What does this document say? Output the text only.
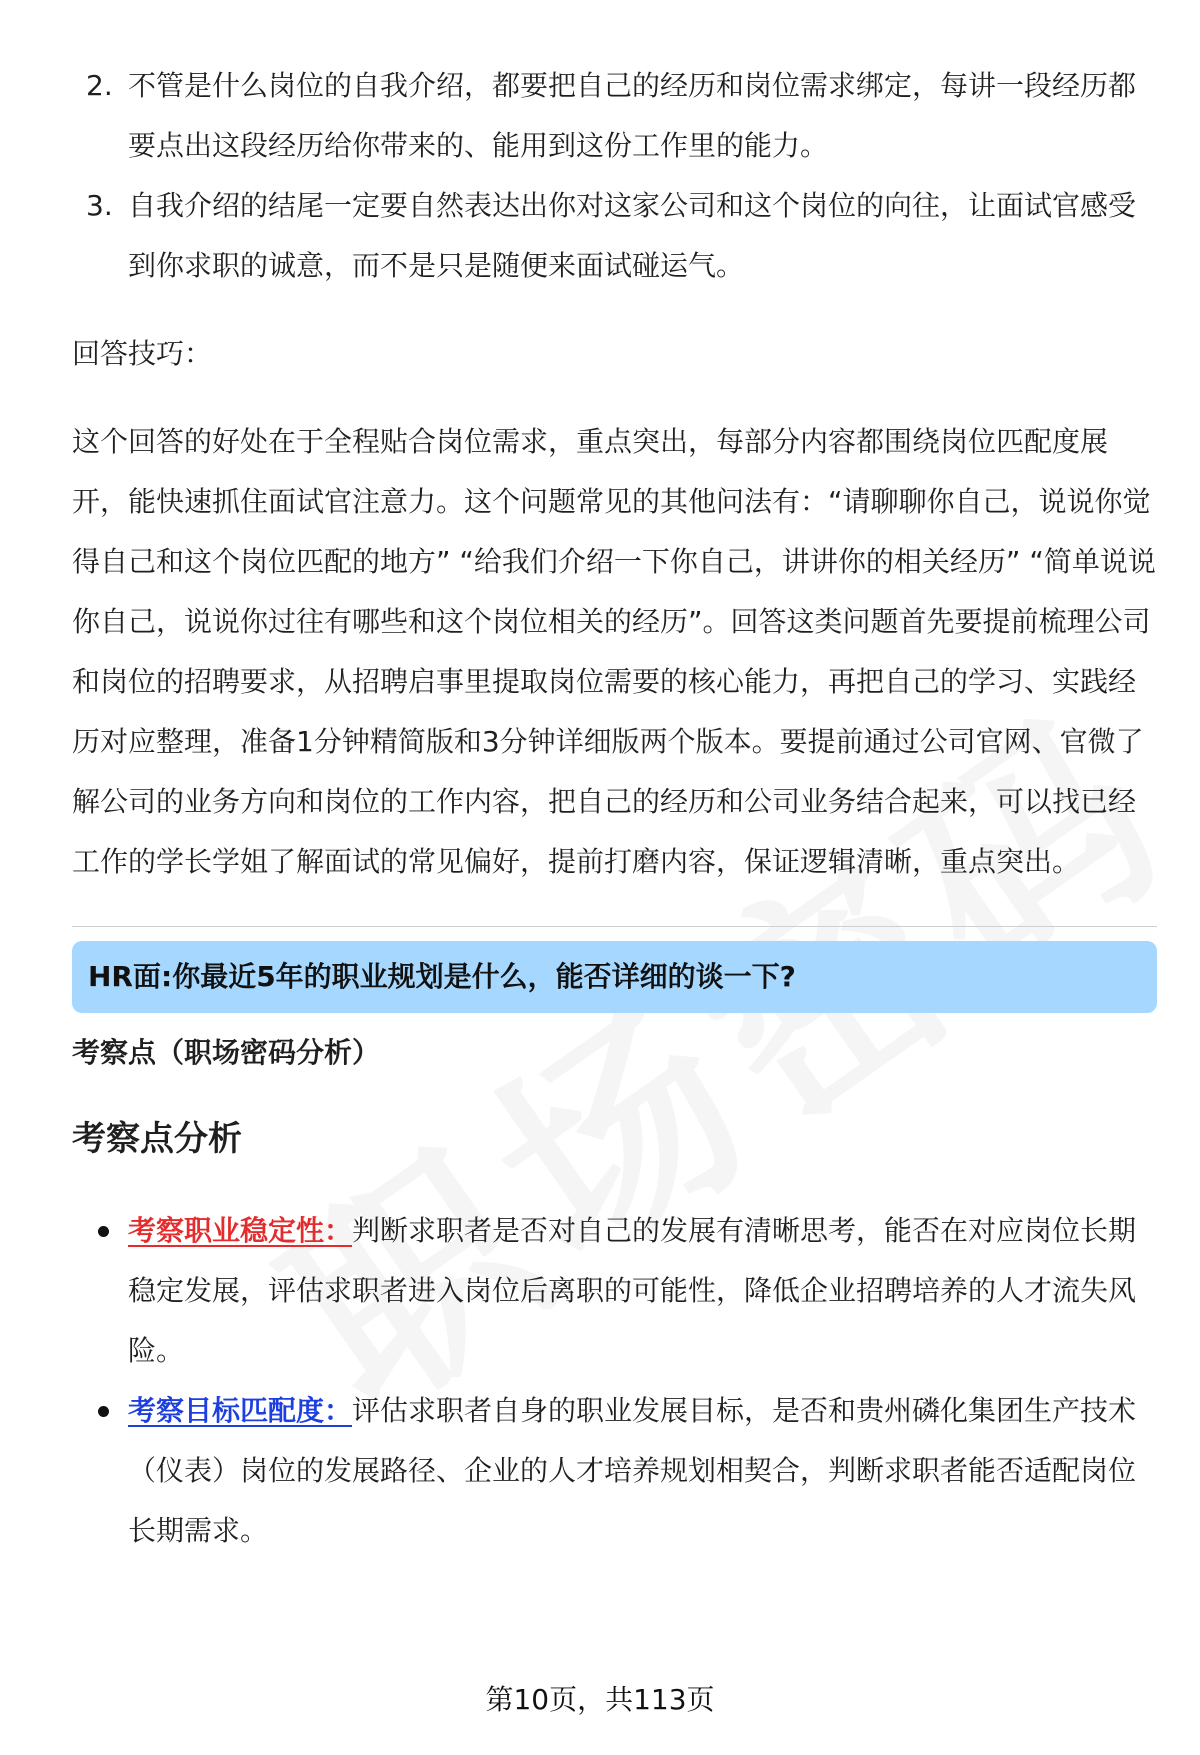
2. 不管是什么岗位的自我介绍，都要把自己的经历和岗位需求绑定，每讲一段经历都要点出这段经历给你带来的、能用到这份工作里的能力。
3. 自我介绍的结尾一定要自然表达出你对这家公司和这个岗位的向往，让面试官感受到你求职的诚意，而不是只是随便来面试碰运气。

回答技巧：

这个回答的好处在于全程贴合岗位需求，重点突出，每部分内容都围绕岗位匹配度展开，能快速抓住面试官注意力。这个问题常见的其他问法有：“请聊聊你自己，说说你觉得自己和这个岗位匹配的地方” “给我们介绍一下你自己，讲讲你的相关经历” “简单说说你自己，说说你过往有哪些和这个岗位相关的经历”。回答这类问题首先要提前梳理公司和岗位的招聘要求，从招聘启事里提取岗位需要的核心能力，再把自己的学习、实践经历对应整理，准备1分钟精简版和3分钟详细版两个版本。要提前通过公司官网、官微了解公司的业务方向和岗位的工作内容，把自己的经历和公司业务结合起来，可以找已经工作的学长学姐了解面试的常见偏好，提前打磨内容，保证逻辑清晰，重点突出。

HR面:你最近5年的职业规划是什么，能否详细的谈一下?
考察点（职场密码分析）
考察点分析
考察职业稳定性：判断求职者是否对自己的发展有清晰思考，能否在对应岗位长期稳定发展，评估求职者进入岗位后离职的可能性，降低企业招聘培养的人才流失风险。
考察目标匹配度：评估求职者自身的职业发展目标，是否和贵州磷化集团生产技术（仪表）岗位的发展路径、企业的人才培养规划相契合，判断求职者能否适配岗位长期需求。
第10页，共113页
